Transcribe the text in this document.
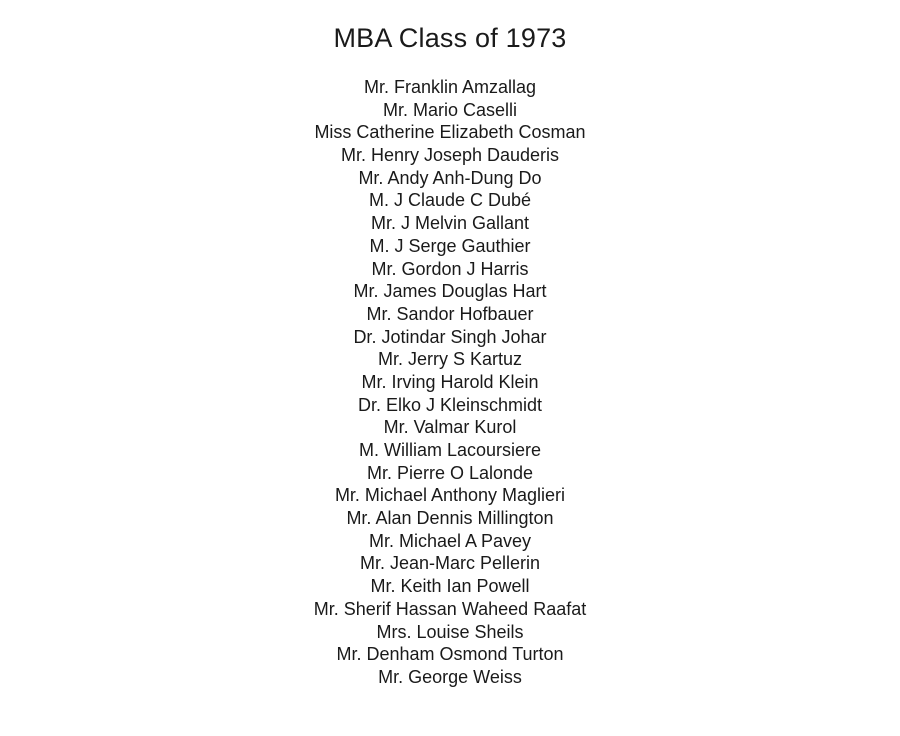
MBA Class of 1973
Mr. Franklin Amzallag
Mr. Mario Caselli
Miss Catherine Elizabeth Cosman
Mr. Henry Joseph Dauderis
Mr. Andy Anh-Dung Do
M. J Claude C Dubé
Mr. J Melvin Gallant
M. J Serge Gauthier
Mr. Gordon J Harris
Mr. James Douglas Hart
Mr. Sandor Hofbauer
Dr. Jotindar Singh Johar
Mr. Jerry S Kartuz
Mr. Irving Harold Klein
Dr. Elko J Kleinschmidt
Mr. Valmar Kurol
M. William Lacoursiere
Mr. Pierre O Lalonde
Mr. Michael Anthony Maglieri
Mr. Alan Dennis Millington
Mr. Michael A Pavey
Mr. Jean-Marc Pellerin
Mr. Keith Ian Powell
Mr. Sherif Hassan Waheed Raafat
Mrs. Louise Sheils
Mr. Denham Osmond Turton
Mr. George Weiss
